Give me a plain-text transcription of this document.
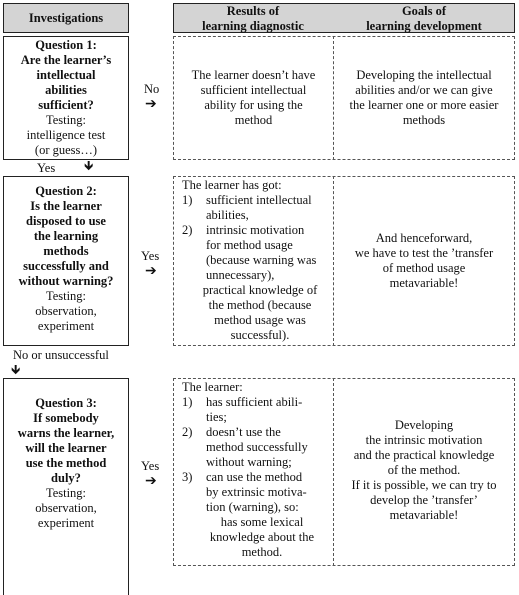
Investigations	Results of
learning diagnostic
Goals of
learning development
Question 1:
Are the learner’s
intellectual
abilities
sufficient?
Testing:
intelligence test
(or guess…)
No
➔
The learner doesn’t have
sufficient intellectual
ability for using the
method
Developing the intellectual
abilities and/or we can give
the learner one or more easier
methods
Yes 🡻
Question 2:
Is the learner
disposed to use
the learning
methods
successfully and
without warning?
Testing:
observation,
experiment
Yes
➔
The learner has got:
1) sufficient intellectual
abilities,
2) intrinsic motivation
for method usage
(because warning was
unnecessary),
practical knowledge of
the method (because
method usage was
successful).
And henceforward,
we have to test the ’transfer
of method usage
metavariable!
No or unsuccessful
🡻
Question 3:
If somebody
warns the learner,
will the learner
use the method
duly?
Testing:
observation,
experiment
Yes
➔
The learner:
1) has sufficient abili-
ties;
2) doesn’t use the
method successfully
without warning;
3) can use the method
by extrinsic motiva-
tion (warning), so:
has some lexical
knowledge about the
method.
Developing
the intrinsic motivation
and the practical knowledge
of the method.
If it is possible, we can try to
develop the ’transfer’
metavariable!
